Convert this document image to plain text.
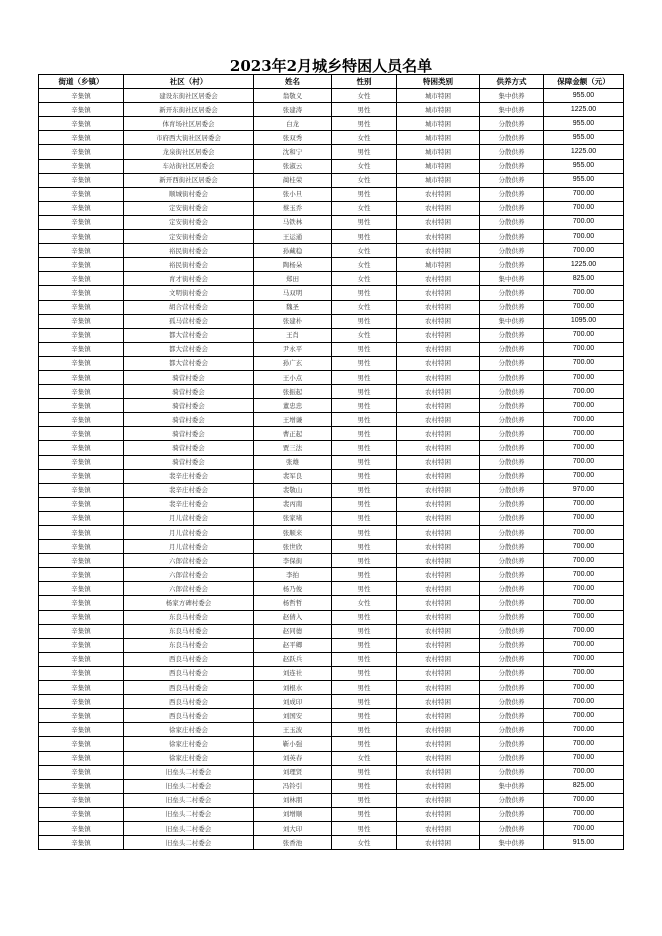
2023年2月城乡特困人员名单
街道（乡镇）	社区（村）	姓名	性别	特困类别	供养方式	保障金额（元）
辛集镇	建设东街社区居委会	翁敬义	女性	城市特困	集中供养	955.00
辛集镇	新开东街社区居委会	张建涛	男性	城市特困	集中供养	1225.00
辛集镇	体育场社区居委会	白龙	男性	城市特困	分散供养	955.00
辛集镇	市府西大街社区居委会	张双秀	女性	城市特困	分散供养	955.00
辛集镇	龙泉街社区居委会	沈和宁	男性	城市特困	分散供养	1225.00
辛集镇	车站街社区居委会	张淑云	女性	城市特困	分散供养	955.00
辛集镇	新开西街社区居委会	蔺桂荣	女性	城市特困	分散供养	955.00
辛集镇	顺城街村委会	张小旦	男性	农村特困	分散供养	700.00
辛集镇	定安街村委会	蔡玉乔	女性	农村特困	分散供养	700.00
辛集镇	定安街村委会	马铁林	男性	农村特困	分散供养	700.00
辛集镇	定安街村委会	王运通	男性	农村特困	分散供养	700.00
辛集镇	裕民街村委会	孙藏稳	女性	农村特困	分散供养	700.00
辛集镇	裕民街村委会	陶杨朵	女性	城市特困	分散供养	1225.00
辛集镇	育才街村委会	郑田	女性	农村特困	集中供养	825.00
辛集镇	文明街村委会	马双明	男性	农村特困	分散供养	700.00
辛集镇	胡合营村委会	魏圣	女性	农村特困	分散供养	700.00
辛集镇	孤马营村委会	张建朴	男性	农村特困	集中供养	1095.00
辛集镇	都大营村委会	王肖	女性	农村特困	分散供养	700.00
辛集镇	都大营村委会	尹永平	男性	农村特困	分散供养	700.00
辛集镇	都大营村委会	孙广玄	男性	农村特困	分散供养	700.00
辛集镇	骑营村委会	王小点	男性	农村特困	分散供养	700.00
辛集镇	骑营村委会	张振起	男性	农村特困	分散供养	700.00
辛集镇	骑营村委会	董忠忠	男性	农村特困	分散供养	700.00
辛集镇	骑营村委会	王增谦	男性	农村特困	分散供养	700.00
辛集镇	骑营村委会	曹正起	男性	农村特困	分散供养	700.00
辛集镇	骑营村委会	贾三法	男性	农村特困	分散供养	700.00
辛集镇	骑营村委会	张雄	男性	农村特困	分散供养	700.00
辛集镇	裴辛庄村委会	裴军良	男性	农村特困	分散供养	700.00
辛集镇	裴辛庄村委会	裴敬山	男性	农村特困	分散供养	970.00
辛集镇	裴辛庄村委会	裴丙南	男性	农村特困	分散供养	700.00
辛集镇	月儿营村委会	张家堵	男性	农村特困	分散供养	700.00
辛集镇	月儿营村委会	张顺来	男性	农村特困	分散供养	700.00
辛集镇	月儿营村委会	张世欣	男性	农村特困	分散供养	700.00
辛集镇	六郎营村委会	李保街	男性	农村特困	分散供养	700.00
辛集镇	六郎营村委会	李拍	男性	农村特困	分散供养	700.00
辛集镇	六郎营村委会	杨乃俊	男性	农村特困	分散供养	700.00
辛集镇	杨家方碑村委会	杨哲哲	女性	农村特困	分散供养	700.00
辛集镇	东良马村委会	赵倩入	男性	农村特困	分散供养	700.00
辛集镇	东良马村委会	赵同德	男性	农村特困	分散供养	700.00
辛集镇	东良马村委会	赵平卿	男性	农村特困	分散供养	700.00
辛集镇	西良马村委会	赵跃兵	男性	农村特困	分散供养	700.00
辛集镇	西良马村委会	刘连社	男性	农村特困	分散供养	700.00
辛集镇	西良马村委会	刘根水	男性	农村特困	分散供养	700.00
辛集镇	西良马村委会	刘成印	男性	农村特困	分散供养	700.00
辛集镇	西良马村委会	刘国安	男性	农村特困	分散供养	700.00
辛集镇	徐家庄村委会	王玉波	男性	农村特困	分散供养	700.00
辛集镇	徐家庄村委会	靳小强	男性	农村特困	分散供养	700.00
辛集镇	徐家庄村委会	刘英春	女性	农村特困	分散供养	700.00
辛集镇	旧垒头二村委会	刘理贤	男性	农村特困	分散供养	700.00
辛集镇	旧垒头二村委会	冯铃引	男性	农村特困	集中供养	825.00
辛集镇	旧垒头二村委会	刘林朋	男性	农村特困	分散供养	700.00
辛集镇	旧垒头二村委会	刘增顺	男性	农村特困	分散供养	700.00
辛集镇	旧垒头二村委会	刘大印	男性	农村特困	分散供养	700.00
辛集镇	旧垒头二村委会	张香池	女性	农村特困	集中供养	915.00
